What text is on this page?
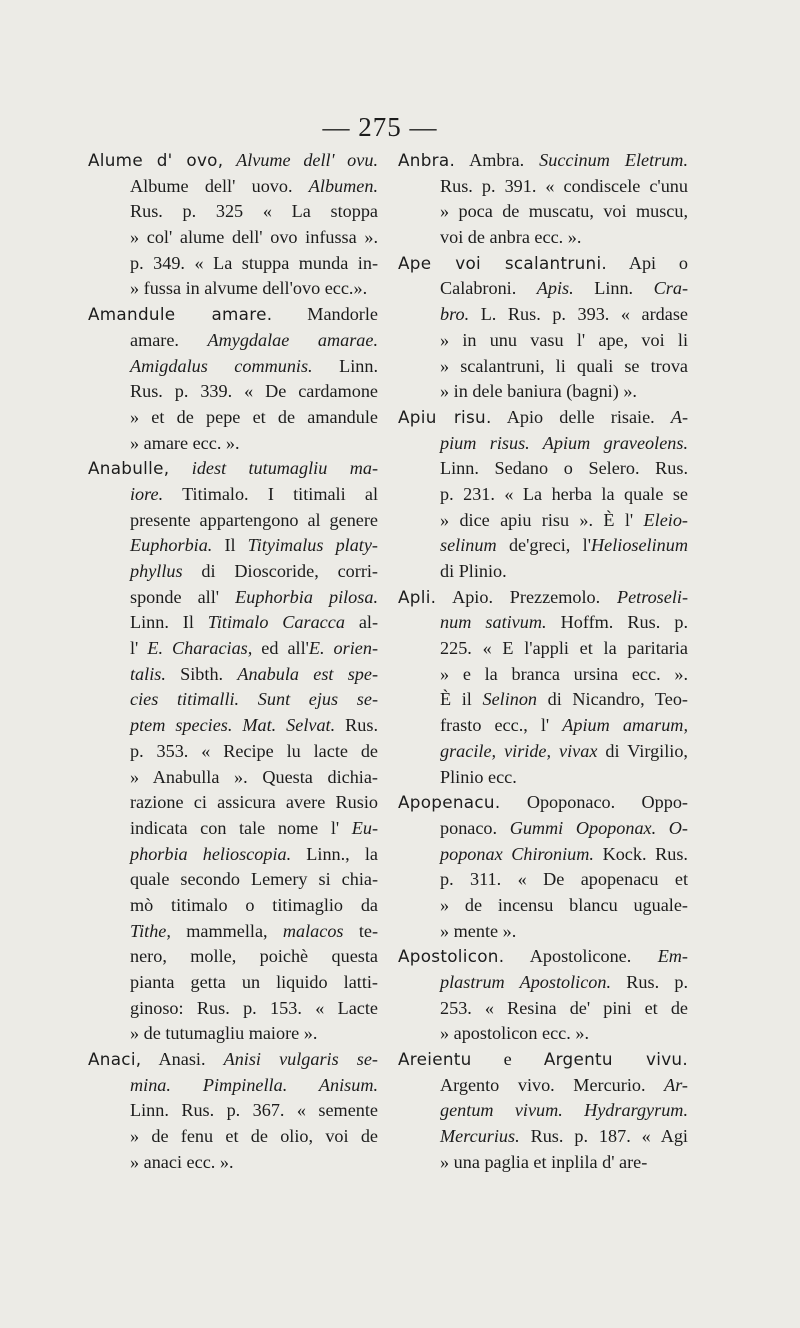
— 275 —
Alume d' ovo, Alvume dell' ovu.
Albume dell' uovo. Albumen.
Rus. p. 325 « La stoppa
» col' alume dell' ovo infussa ».
p. 349. « La stuppa munda in-
» fussa in alvume dell'ovo ecc.».
Amandule amare. Mandorle
amare. Amygdalae amarae.
Amigdalus communis. Linn.
Rus. p. 339. « De cardamone
» et de pepe et de amandule
» amare ecc. ».
Anabulle, idest tutumagliu ma-
iore. Titimalo. I titimali al
presente appartengono al genere
Euphorbia. Il Tityimalus platy-
phyllus di Dioscoride, corri-
sponde all' Euphorbia pilosa.
Linn. Il Titimalo Caracca al-
l' E. Characias, ed all'E. orien-
talis. Sibth. Anabula est spe-
cies titimalli. Sunt ejus se-
ptem species. Mat. Selvat. Rus.
p. 353. « Recipe lu lacte de
» Anabulla ». Questa dichia-
razione ci assicura avere Rusio
indicata con tale nome l' Eu-
phorbia helioscopia. Linn., la
quale secondo Lemery si chia-
mò titimalo o titimaglio da
Tithe, mammella, malacos te-
nero, molle, poichè questa
pianta getta un liquido latti-
ginoso: Rus. p. 153. « Lacte
» de tutumagliu maiore ».
Anaci, Anasi. Anisi vulgaris se-
mina. Pimpinella. Anisum.
Linn. Rus. p. 367. « semente
» de fenu et de olio, voi de
» anaci ecc. ».
Anbra. Ambra. Succinum Eletrum.
Rus. p. 391. « condiscele c'unu
» poca de muscatu, voi muscu,
voi de anbra ecc. ».
Ape voi scalantruni. Api o
Calabroni. Apis. Linn. Cra-
bro. L. Rus. p. 393. « ardase
» in unu vasu l' ape, voi li
» scalantruni, li quali se trova
» in dele baniura (bagni) ».
Apiu risu. Apio delle risaie. A-
pium risus. Apium graveolens.
Linn. Sedano o Selero. Rus.
p. 231. « La herba la quale se
» dice apiu risu ». È l' Eleio-
selinum de'greci, l'Helioselinum
di Plinio.
Apli. Apio. Prezzemolo. Petroseli-
num sativum. Hoffm. Rus. p.
225. « E l'appli et la paritaria
» e la branca ursina ecc. ».
È il Selinon di Nicandro, Teo-
frasto ecc., l' Apium amarum,
gracile, viride, vivax di Virgilio,
Plinio ecc.
Apopenacu. Opoponaco. Oppo-
ponaco. Gummi Opoponax. O-
poponax Chironium. Kock. Rus.
p. 311. « De apopenacu et
» de incensu blancu uguale-
» mente ».
Apostolicon. Apostolicone. Em-
plastrum Apostolicon. Rus. p.
253. « Resina de' pini et de
» apostolicon ecc. ».
Areientu e Argentu vivu.
Argento vivo. Mercurio. Ar-
gentum vivum. Hydrargyrum.
Mercurius. Rus. p. 187. « Agi
» una paglia et inplila d' are-
